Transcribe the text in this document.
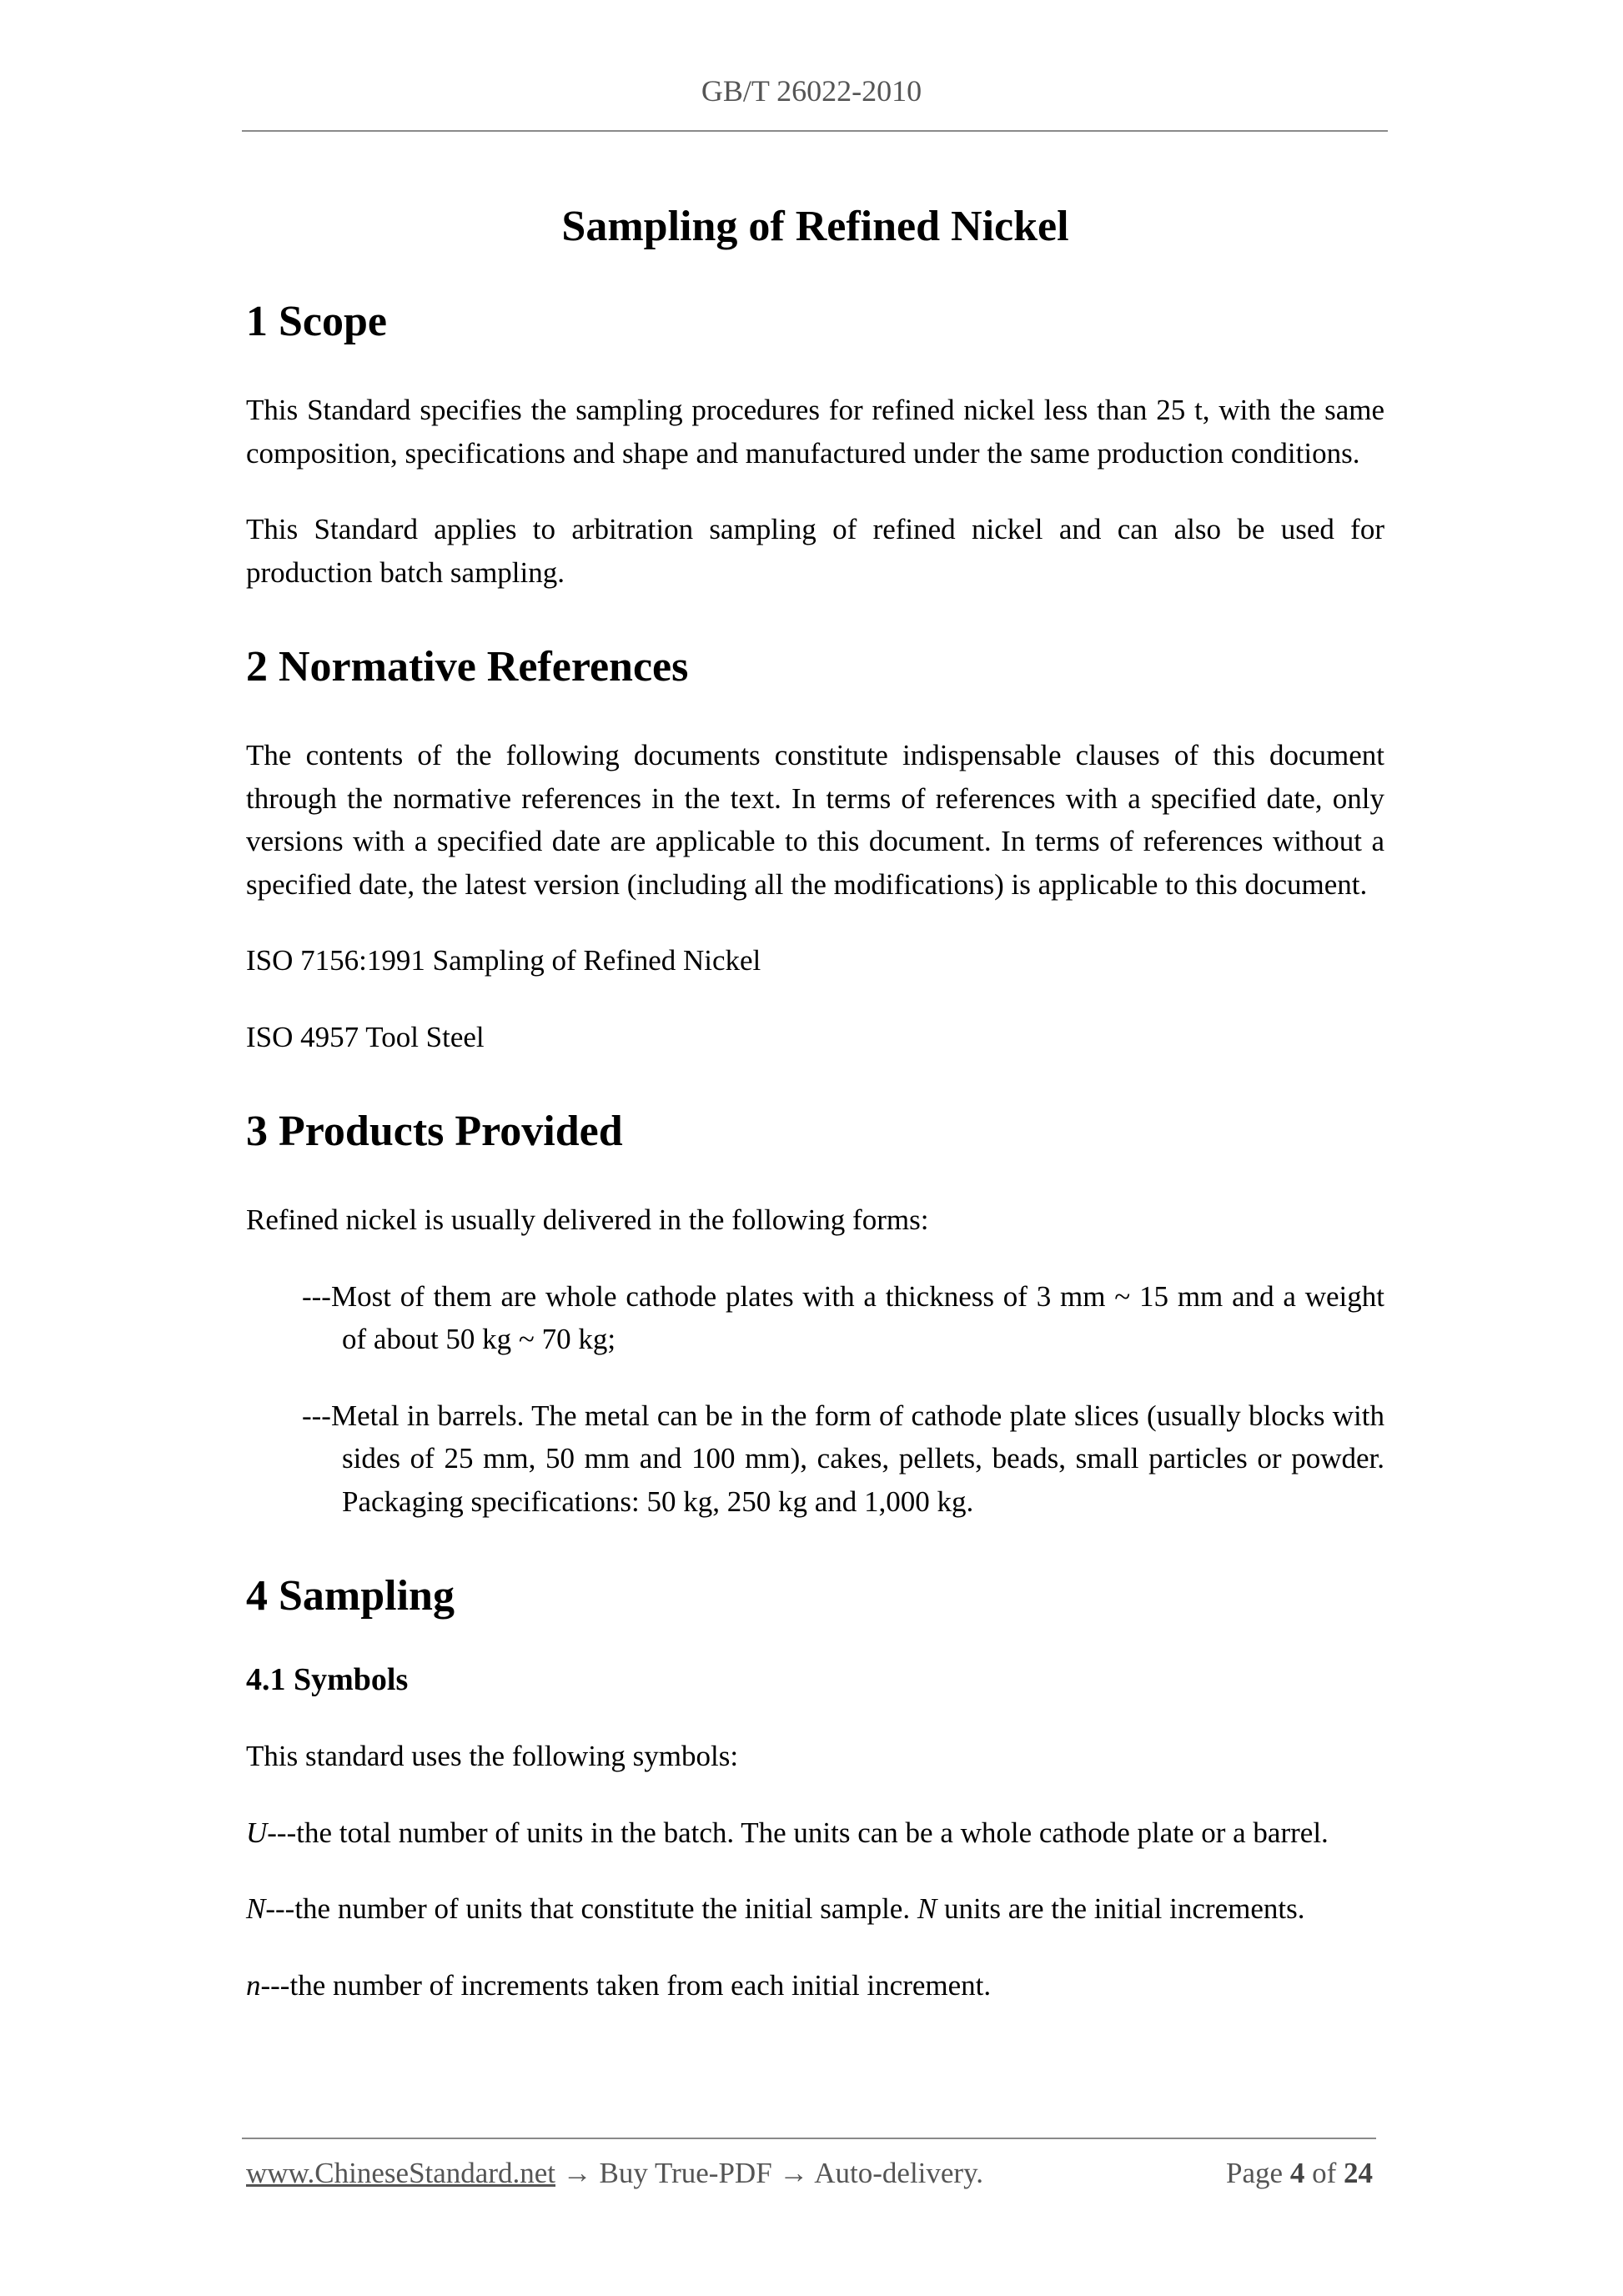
GB/T 26022-2010
Sampling of Refined Nickel
1 Scope

This Standard specifies the sampling procedures for refined nickel less than 25 t, with the same composition, specifications and shape and manufactured under the same production conditions.

This Standard applies to arbitration sampling of refined nickel and can also be used for production batch sampling.

2 Normative References

The contents of the following documents constitute indispensable clauses of this document through the normative references in the text. In terms of references with a specified date, only versions with a specified date are applicable to this document. In terms of references without a specified date, the latest version (including all the modifications) is applicable to this document.

ISO 7156:1991 Sampling of Refined Nickel

ISO 4957 Tool Steel

3 Products Provided

Refined nickel is usually delivered in the following forms:

---Most of them are whole cathode plates with a thickness of 3 mm ~ 15 mm and a weight of about 50 kg ~ 70 kg;

---Metal in barrels. The metal can be in the form of cathode plate slices (usually blocks with sides of 25 mm, 50 mm and 100 mm), cakes, pellets, beads, small particles or powder. Packaging specifications: 50 kg, 250 kg and 1,000 kg.

4 Sampling
4.1 Symbols

This standard uses the following symbols:

U---the total number of units in the batch. The units can be a whole cathode plate or a barrel.

N---the number of units that constitute the initial sample. N units are the initial increments.

n---the number of increments taken from each initial increment.

www.ChineseStandard.net → Buy True-PDF → Auto-delivery.	Page 4 of 24
